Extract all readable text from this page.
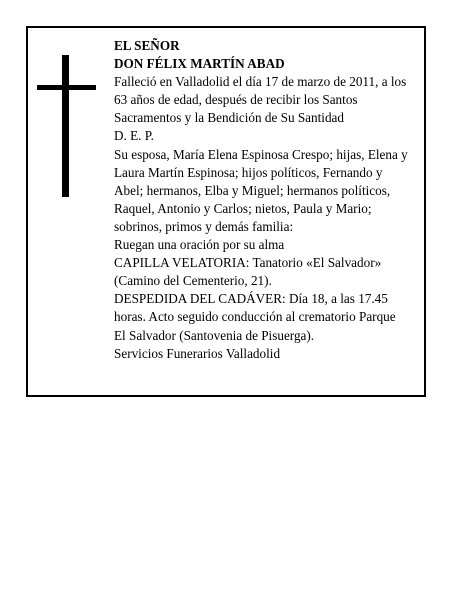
EL SEÑOR
DON FÉLIX MARTÍN ABAD
Falleció en Valladolid el día 17 de marzo de 2011, a los
63 años de edad, después de recibir los Santos
Sacramentos y la Bendición de Su Santidad
D. E. P.
Su esposa, María Elena Espinosa Crespo; hijas, Elena y
Laura Martín Espinosa; hijos políticos, Fernando y
Abel; hermanos, Elba y Miguel; hermanos políticos,
Raquel, Antonio y Carlos; nietos, Paula y Mario;
sobrinos, primos y demás familia:
Ruegan una oración por su alma
CAPILLA VELATORIA: Tanatorio «El Salvador»
(Camino del Cementerio, 21).
DESPEDIDA DEL CADÁVER: Día 18, a las 17.45
horas. Acto seguido conducción al crematorio Parque
El Salvador (Santovenia de Pisuerga).
Servicios Funerarios Valladolid
